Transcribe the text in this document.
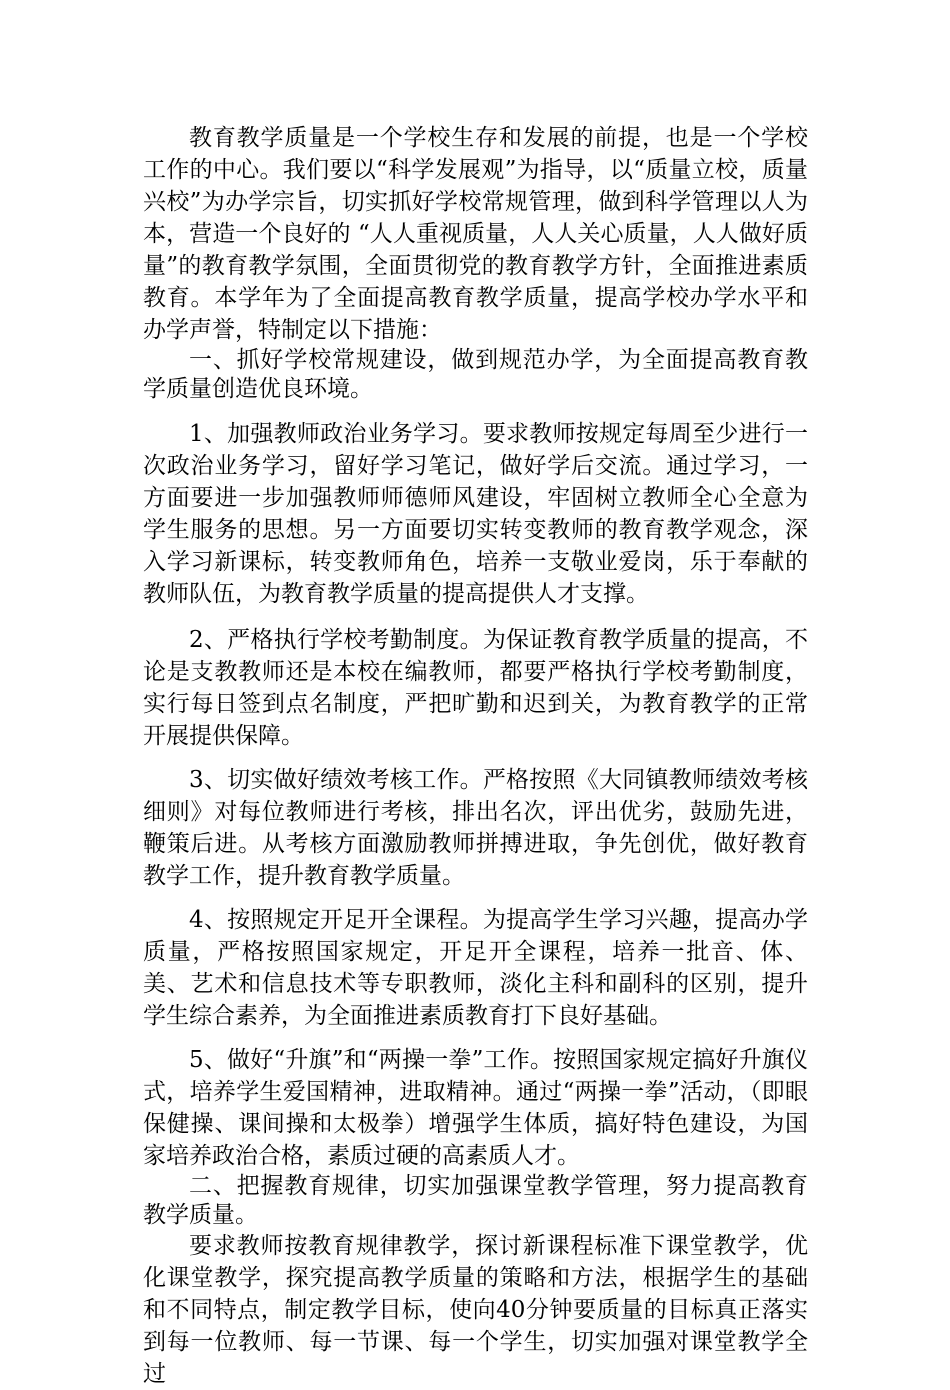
教育教学质量是一个学校生存和发展的前提，也是一个学校工作的中心。我们要以“科学发展观”为指导，以“质量立校，质量兴校”为办学宗旨，切实抓好学校常规管理，做到科学管理以人为本，营造一个良好的 “人人重视质量，人人关心质量，人人做好质量”的教育教学氛围，全面贯彻党的教育教学方针，全面推进素质教育。本学年为了全面提高教育教学质量，提高学校办学水平和办学声誉，特制定以下措施：

一、抓好学校常规建设，做到规范办学，为全面提高教育教学质量创造优良环境。

1、加强教师政治业务学习。要求教师按规定每周至少进行一次政治业务学习，留好学习笔记，做好学后交流。通过学习，一方面要进一步加强教师师德师风建设，牢固树立教师全心全意为学生服务的思想。另一方面要切实转变教师的教育教学观念，深入学习新课标，转变教师角色，培养一支敬业爱岗，乐于奉献的教师队伍，为教育教学质量的提高提供人才支撑。

2、严格执行学校考勤制度。为保证教育教学质量的提高，不论是支教教师还是本校在编教师，都要严格执行学校考勤制度，实行每日签到点名制度，严把旷勤和迟到关，为教育教学的正常开展提供保障。

3、切实做好绩效考核工作。严格按照《大同镇教师绩效考核细则》对每位教师进行考核，排出名次，评出优劣，鼓励先进，鞭策后进。从考核方面激励教师拼搏进取，争先创优，做好教育教学工作，提升教育教学质量。

4、按照规定开足开全课程。为提高学生学习兴趣，提高办学质量，严格按照国家规定，开足开全课程，培养一批音、体、美、艺术和信息技术等专职教师，淡化主科和副科的区别，提升学生综合素养，为全面推进素质教育打下良好基础。

5、做好“升旗”和“两操一拳”工作。按照国家规定搞好升旗仪式，培养学生爱国精神，进取精神。通过“两操一拳”活动，（即眼保健操、课间操和太极拳）增强学生体质，搞好特色建设，为国家培养政治合格，素质过硬的高素质人才。

二、把握教育规律，切实加强课堂教学管理，努力提高教育教学质量。

要求教师按教育规律教学，探讨新课程标准下课堂教学，优化课堂教学，探究提高教学质量的策略和方法，根据学生的基础和不同特点，制定教学目标，使向40分钟要质量的目标真正落实到每一位教师、每一节课、每一个学生，切实加强对课堂教学全过
